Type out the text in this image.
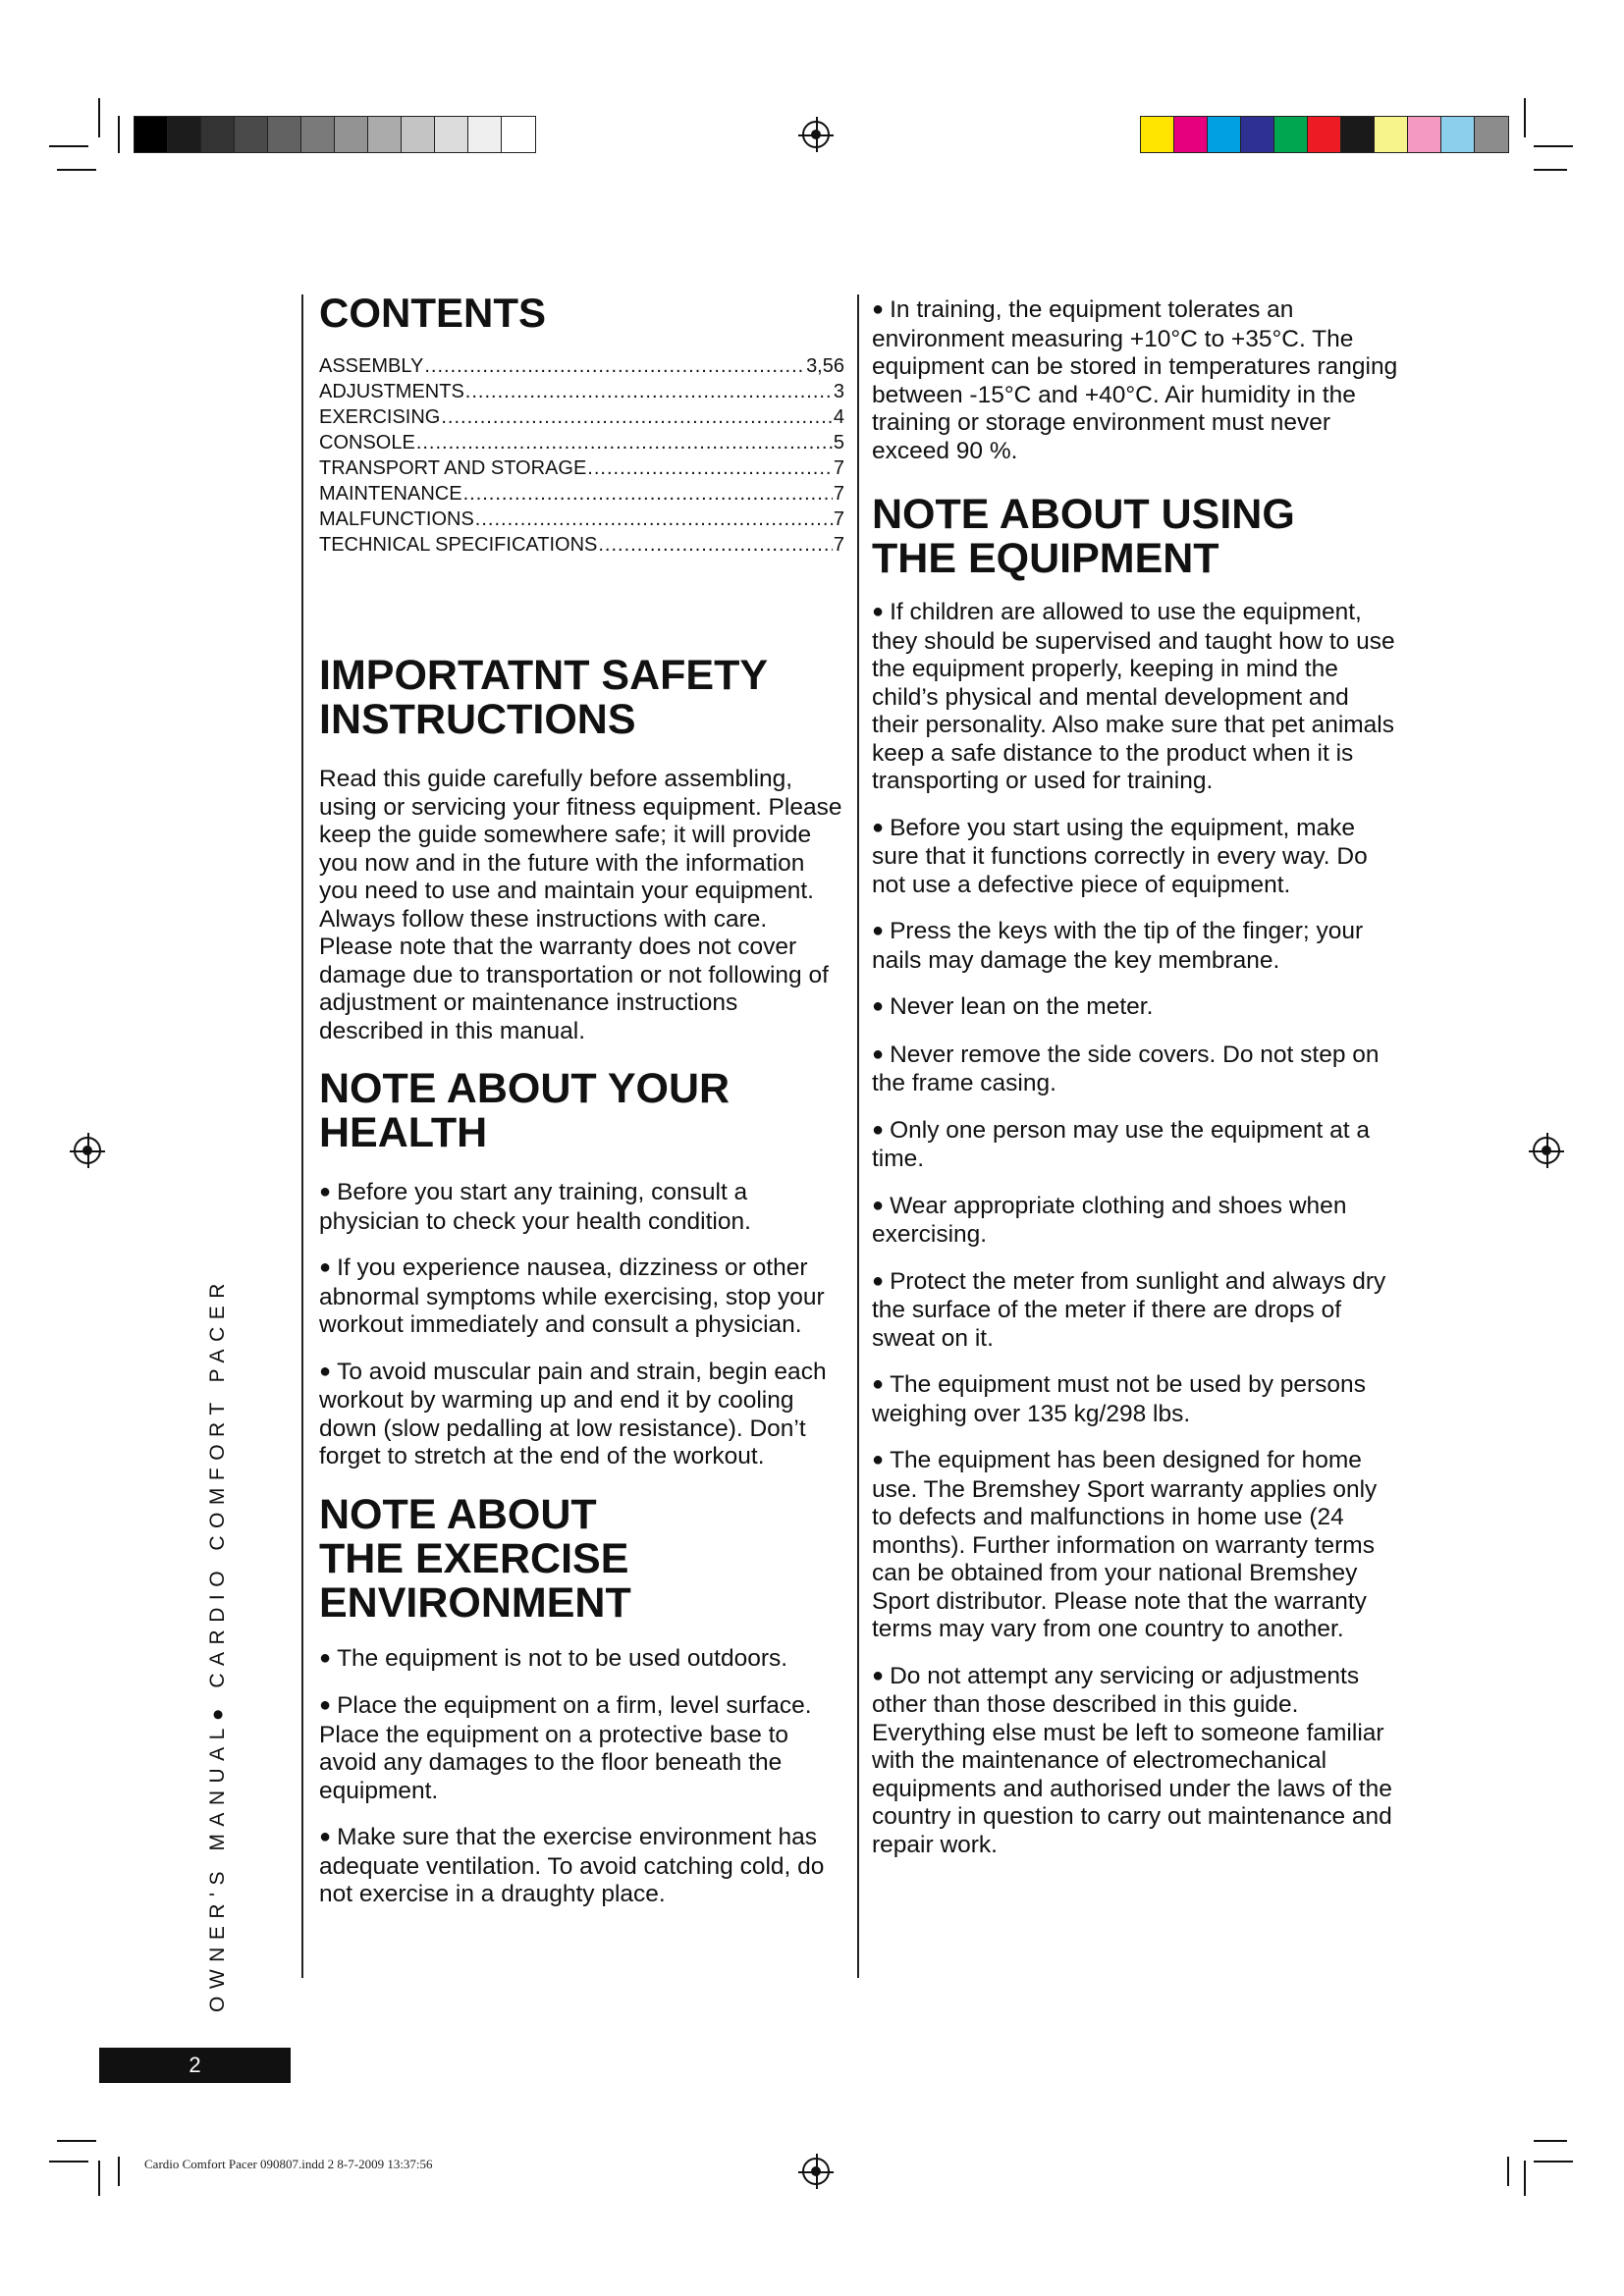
CONTENTS
ASSEMBLY .....	3,56
ADJUSTMENTS .....	3
EXERCISING .....	4
CONSOLE .....	5
TRANSPORT AND STORAGE .....	7
MAINTENANCE .....	7
MALFUNCTIONS .....	7
TECHNICAL SPECIFICATIONS .....	7
IMPORTATNT SAFETY
INSTRUCTIONS

Read this guide carefully before assembling, using or servicing your fitness equipment. Please keep the guide somewhere safe; it will provide you now and in the future with the information you need to use and maintain your equipment. Always follow these instructions with care. Please note that the warranty does not cover damage due to transportation or not following of adjustment or maintenance instructions described in this manual.

NOTE ABOUT YOUR
HEALTH

● Before you start any training, consult a physician to check your health condition.

● If you experience nausea, dizziness or other abnormal symptoms while exercising, stop your workout immediately and consult a physician.

● To avoid muscular pain and strain, begin each workout by warming up and end it by cooling down (slow pedalling at low resistance). Don’t forget to stretch at the end of the workout.

NOTE ABOUT
THE EXERCISE
ENVIRONMENT

● The equipment is not to be used outdoors.

● Place the equipment on a firm, level surface. Place the equipment on a protective base to avoid any damages to the floor beneath the equipment.

● Make sure that the exercise environment has adequate ventilation. To avoid catching cold, do not exercise in a draughty place.

● In training, the equipment tolerates an environment measuring +10°C to +35°C. The equipment can be stored in temperatures ranging between -15°C and +40°C. Air humidity in the training or storage environment must never exceed 90 %.

NOTE ABOUT USING
THE EQUIPMENT

● If children are allowed to use the equipment, they should be supervised and taught how to use the equipment properly, keeping in mind the child’s physical and mental development and their personality. Also make sure that pet animals keep a safe distance to the product when it is transporting or used for training.

● Before you start using the equipment, make sure that it functions correctly in every way. Do not use a defective piece of equipment.

● Press the keys with the tip of the finger; your nails may damage the key membrane.

● Never lean on the meter.

● Never remove the side covers. Do not step on the frame casing.

● Only one person may use the equipment at a time.

● Wear appropriate clothing and shoes when exercising.

● Protect the meter from sunlight and always dry the surface of the meter if there are drops of sweat on it.

● The equipment must not be used by persons weighing over 135 kg/298 lbs.

● The equipment has been designed for home use. The Bremshey Sport warranty applies only to defects and malfunctions in home use (24 months). Further information on warranty terms can be obtained from your national Bremshey Sport distributor. Please note that the warranty terms may vary from one country to another.

● Do not attempt any servicing or adjustments other than those described in this guide. Everything else must be left to someone familiar with the maintenance of electromechanical equipments and authorised under the laws of the country in question to carry out maintenance and repair work.

OWNER'S MANUAL● CARDIO COMFORT PACER
2
Cardio Comfort Pacer 090807.indd 2 8-7-2009 13:37:56
